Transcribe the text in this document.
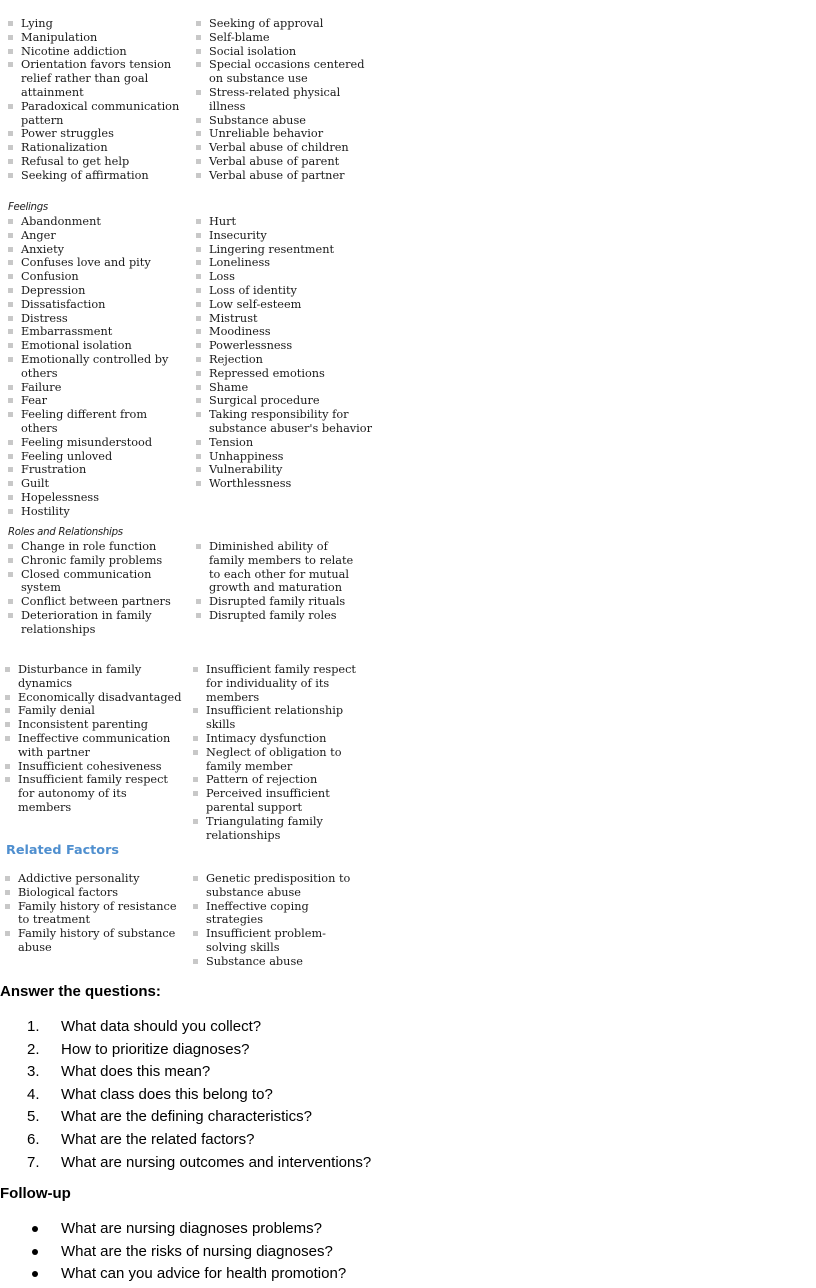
Lying
Manipulation
Nicotine addiction
Orientation favors tension relief rather than goal attainment
Paradoxical communication pattern
Power struggles
Rationalization
Refusal to get help
Seeking of affirmation
Seeking of approval
Self-blame
Social isolation
Special occasions centered on substance use
Stress-related physical illness
Substance abuse
Unreliable behavior
Verbal abuse of children
Verbal abuse of parent
Verbal abuse of partner
Feelings
Abandonment
Anger
Anxiety
Confuses love and pity
Confusion
Depression
Dissatisfaction
Distress
Embarrassment
Emotional isolation
Emotionally controlled by others
Failure
Fear
Feeling different from others
Feeling misunderstood
Feeling unloved
Frustration
Guilt
Hopelessness
Hostility
Hurt
Insecurity
Lingering resentment
Loneliness
Loss
Loss of identity
Low self-esteem
Mistrust
Moodiness
Powerlessness
Rejection
Repressed emotions
Shame
Surgical procedure
Taking responsibility for substance abuser's behavior
Tension
Unhappiness
Vulnerability
Worthlessness
Roles and Relationships
Change in role function
Chronic family problems
Closed communication system
Conflict between partners
Deterioration in family relationships
Diminished ability of family members to relate to each other for mutual growth and maturation
Disrupted family rituals
Disrupted family roles
Disturbance in family dynamics
Economically disadvantaged
Family denial
Inconsistent parenting
Ineffective communication with partner
Insufficient cohesiveness
Insufficient family respect for autonomy of its members
Insufficient family respect for individuality of its members
Insufficient relationship skills
Intimacy dysfunction
Neglect of obligation to family member
Pattern of rejection
Perceived insufficient parental support
Triangulating family relationships
Related Factors
Addictive personality
Biological factors
Family history of resistance to treatment
Family history of substance abuse
Genetic predisposition to substance abuse
Ineffective coping strategies
Insufficient problem-solving skills
Substance abuse
Answer the questions:
1.	What data should you collect?
2.	How to prioritize diagnoses?
3.	What does this mean?
4.	What class does this belong to?
5.	What are the defining characteristics?
6.	What are the related factors?
7.	What are nursing outcomes and interventions?
Follow-up
What are nursing diagnoses problems?
What are the risks of nursing diagnoses?
What can you advice for health promotion?
